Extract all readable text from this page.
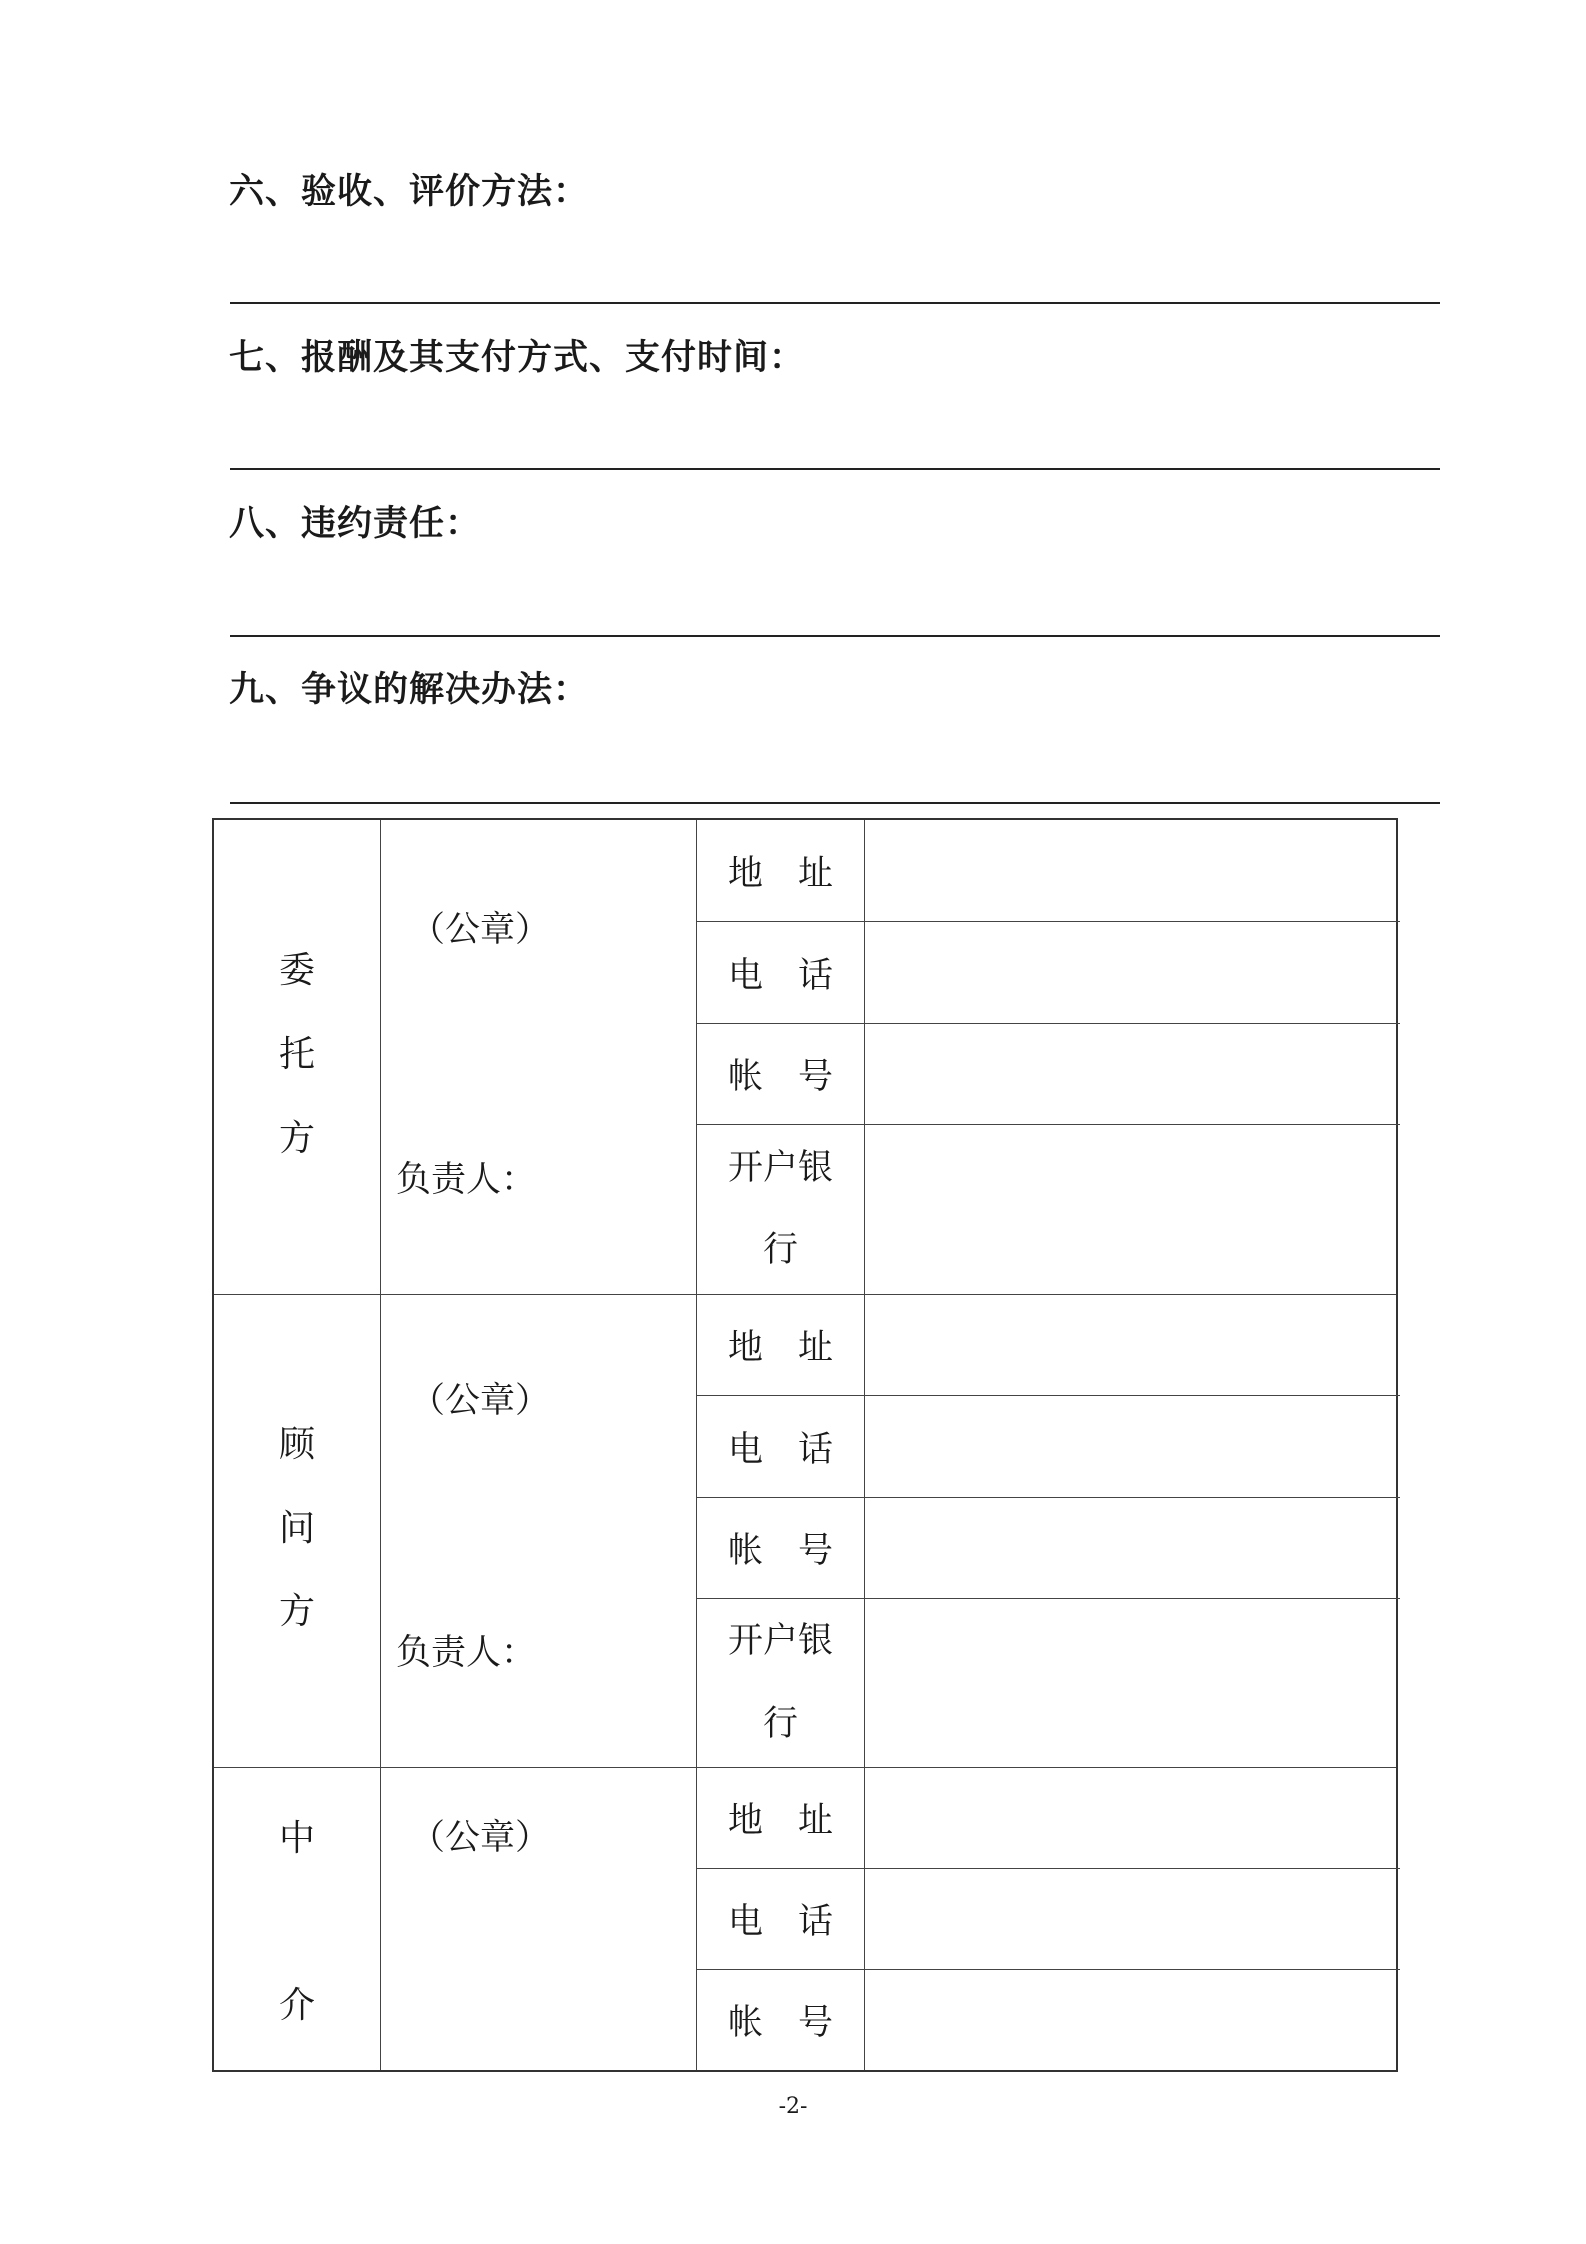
六、验收、评价方法：
七、报酬及其支付方式、支付时间：
八、违约责任：
九、争议的解决办法：
委
托
方
（公章）
负责人：
地　址
电　话
帐　号
开户银
行
顾
问
方
（公章）
负责人：
地　址
电　话
帐　号
开户银
行
中
介
（公章）	地　址
电　话
帐　号
-2-
